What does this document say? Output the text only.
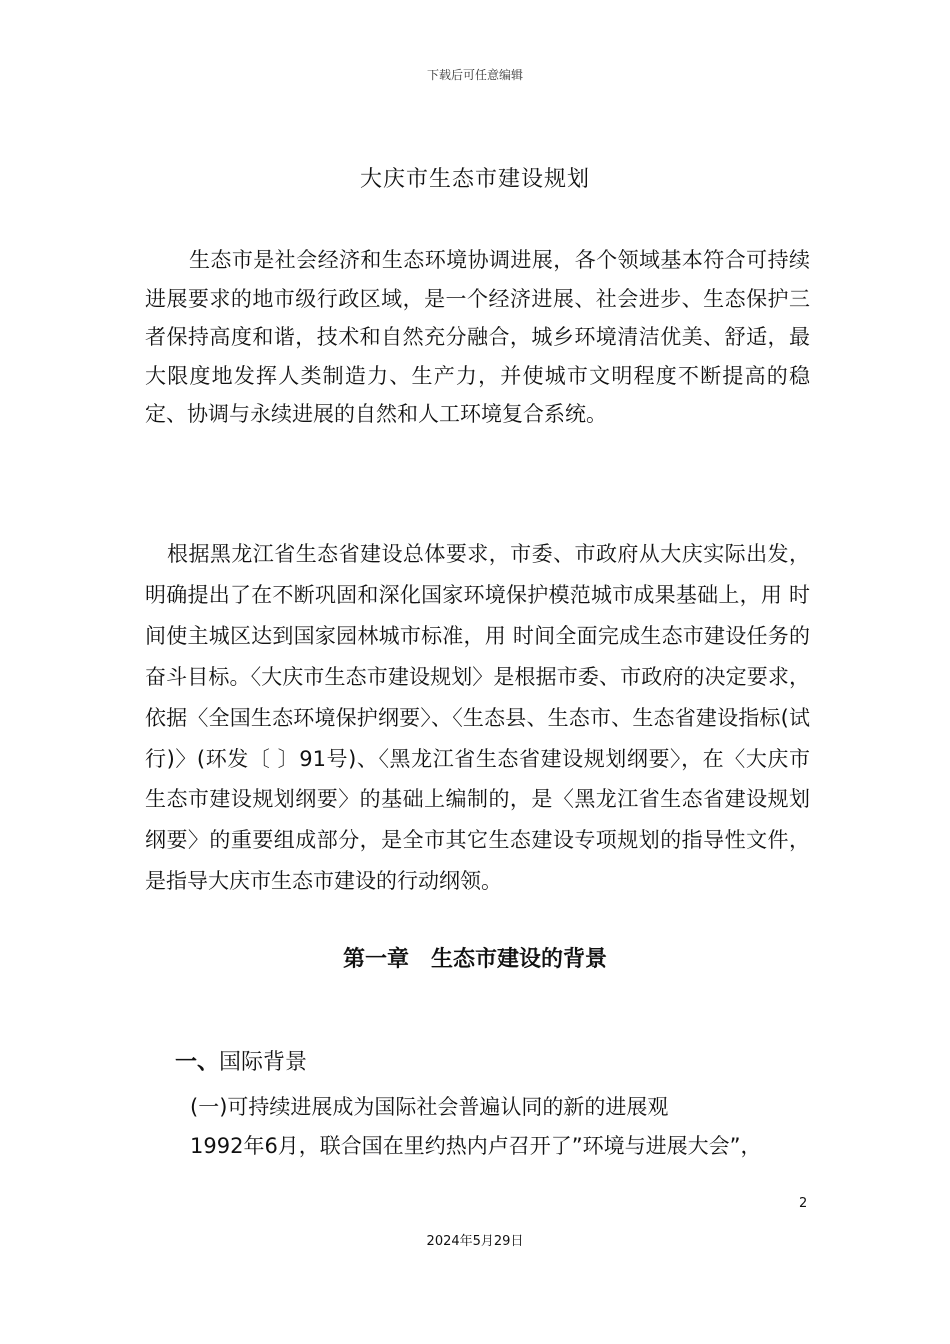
下载后可任意编辑
大庆市生态市建设规划
生态市是社会经济和生态环境协调进展，各个领域基本符合可持续进展要求的地市级行政区域，是一个经济进展、社会进步、生态保护三者保持高度和谐，技术和自然充分融合，城乡环境清洁优美、舒适，最大限度地发挥人类制造力、生产力，并使城市文明程度不断提高的稳定、协调与永续进展的自然和人工环境复合系统。
根据黑龙江省生态省建设总体要求，市委、市政府从大庆实际出发，明确提出了在不断巩固和深化国家环境保护模范城市成果基础上，用 时间使主城区达到国家园林城市标准，用 时间全面完成生态市建设任务的奋斗目标。〈大庆市生态市建设规划〉是根据市委、市政府的决定要求，依据〈全国生态环境保护纲要〉、〈生态县、生态市、生态省建设指标(试行)〉(环发〔 〕91号)、〈黑龙江省生态省建设规划纲要〉，在〈大庆市生态市建设规划纲要〉的基础上编制的，是〈黑龙江省生态省建设规划纲要〉的重要组成部分，是全市其它生态建设专项规划的指导性文件，是指导大庆市生态市建设的行动纲领。
第一章　生态市建设的背景
一、国际背景
(一)可持续进展成为国际社会普遍认同的新的进展观
1992年6月，联合国在里约热内卢召开了”环境与进展大会”，
2
2024年5月29日
